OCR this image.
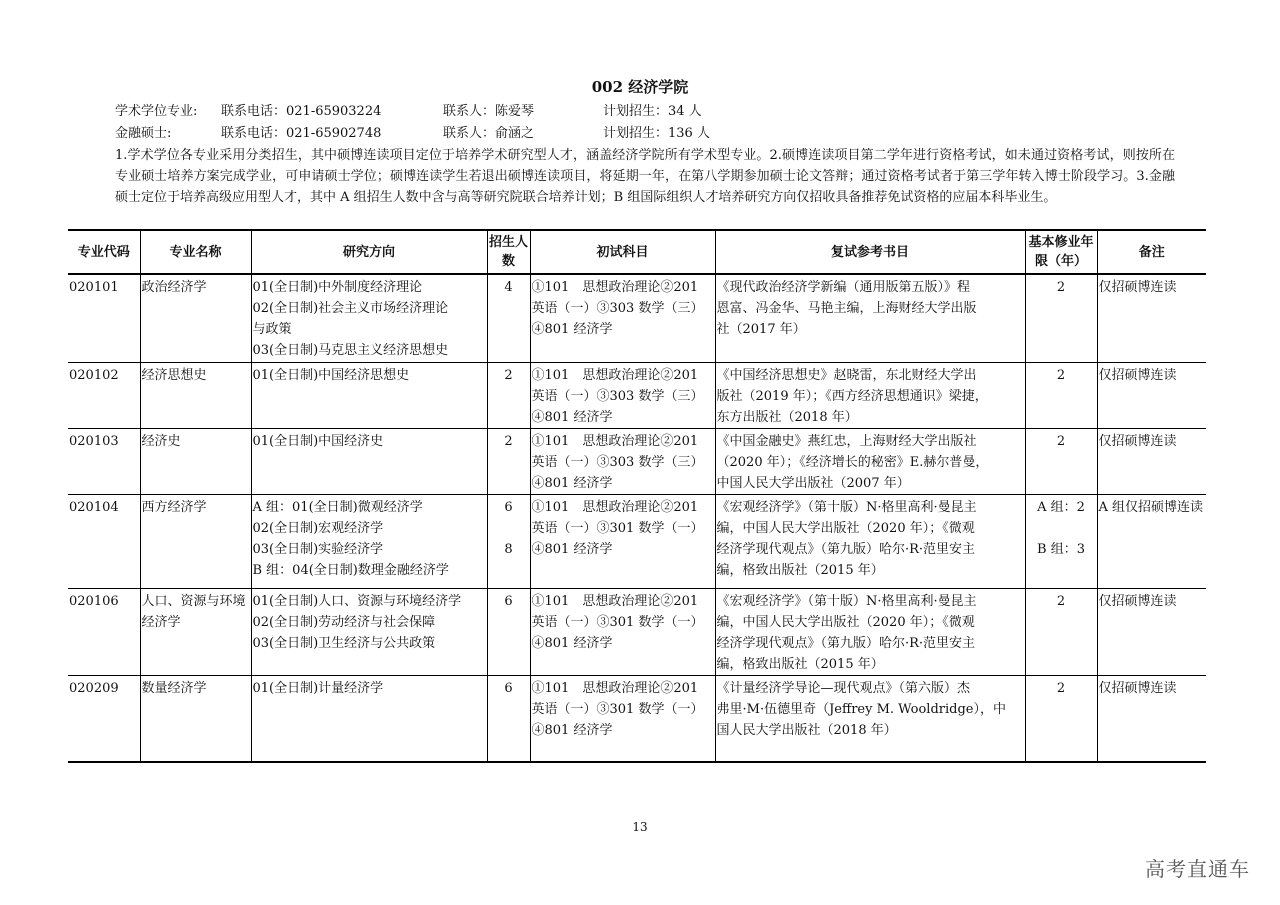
002 经济学院
学术学位专业: 联系电话：021-65903224	联系人：陈爱琴	计划招生：34 人
金融硕士:	联系电话：021-65902748	联系人：俞涵之	计划招生：136 人
1.学术学位各专业采用分类招生，其中硕博连读项目定位于培养学术研究型人才，涵盖经济学院所有学术型专业。2.硕博连读项目第二学年进行资格考试，如未通过资格考试，则按所在专业硕士培养方案完成学业，可申请硕士学位；硕博连读学生若退出硕博连读项目，将延期一年，在第八学期参加硕士论文答辩；通过资格考试者于第三学年转入博士阶段学习。3.金融硕士定位于培养高级应用型人才，其中 A 组招生人数中含与高等研究院联合培养计划；B 组国际组织人才培养研究方向仅招收具备推荐免试资格的应届本科毕业生。
专业代码	专业名称	研究方向	招生人数	初试科目	复试参考书目	基本修业年限（年）	备注

020101	政治经济学	01(全日制)中外制度经济理论
02(全日制)社会主义市场经济理论
与政策
03(全日制)马克思主义经济思想史	4	①101　思想政治理论②201
英语（一）③303 数学（三）
④801 经济学	《现代政治经济学新编（通用版第五版）》程
恩富、冯金华、马艳主编，上海财经大学出版
社（2017 年）	2	仅招硕博连读

020102	经济思想史	01(全日制)中国经济思想史	2	①101　思想政治理论②201
英语（一）③303 数学（三）
④801 经济学	《中国经济思想史》赵晓雷，东北财经大学出
版社（2019 年）；《西方经济思想通识》梁捷，
东方出版社（2018 年）	2	仅招硕博连读

020103	经济史	01(全日制)中国经济史	2	①101　思想政治理论②201
英语（一）③303 数学（三）
④801 经济学	《中国金融史》燕红忠，上海财经大学出版社
（2020 年）；《经济增长的秘密》E.赫尔普曼，
中国人民大学出版社（2007 年）	2	仅招硕博连读

020104	西方经济学	A 组：01(全日制)微观经济学
02(全日制)宏观经济学
03(全日制)实验经济学
B 组：04(全日制)数理金融经济学	6
8	①101　思想政治理论②201
英语（一）③301 数学（一）
④801 经济学	《宏观经济学》（第十版）N·格里高利·曼昆主
编，中国人民大学出版社（2020 年）；《微观
经济学现代观点》（第九版）哈尔·R·范里安主
编，格致出版社（2015 年）	A 组：2
B 组：3	A 组仅招硕博连读

020106	人口、资源与环境经济学	01(全日制)人口、资源与环境经济学
02(全日制)劳动经济与社会保障
03(全日制)卫生经济与公共政策	6	①101　思想政治理论②201
英语（一）③301 数学（一）
④801 经济学	《宏观经济学》（第十版）N·格里高利·曼昆主
编，中国人民大学出版社（2020 年）；《微观
经济学现代观点》（第九版）哈尔·R·范里安主
编，格致出版社（2015 年）	2	仅招硕博连读

020209	数量经济学	01(全日制)计量经济学	6	①101　思想政治理论②201
英语（一）③301 数学（一）
④801 经济学	《计量经济学导论—现代观点》（第六版）杰
弗里·M·伍德里奇（Jeffrey M. Wooldridge），中
国人民大学出版社（2018 年）	2	仅招硕博连读
13
高考直通车
